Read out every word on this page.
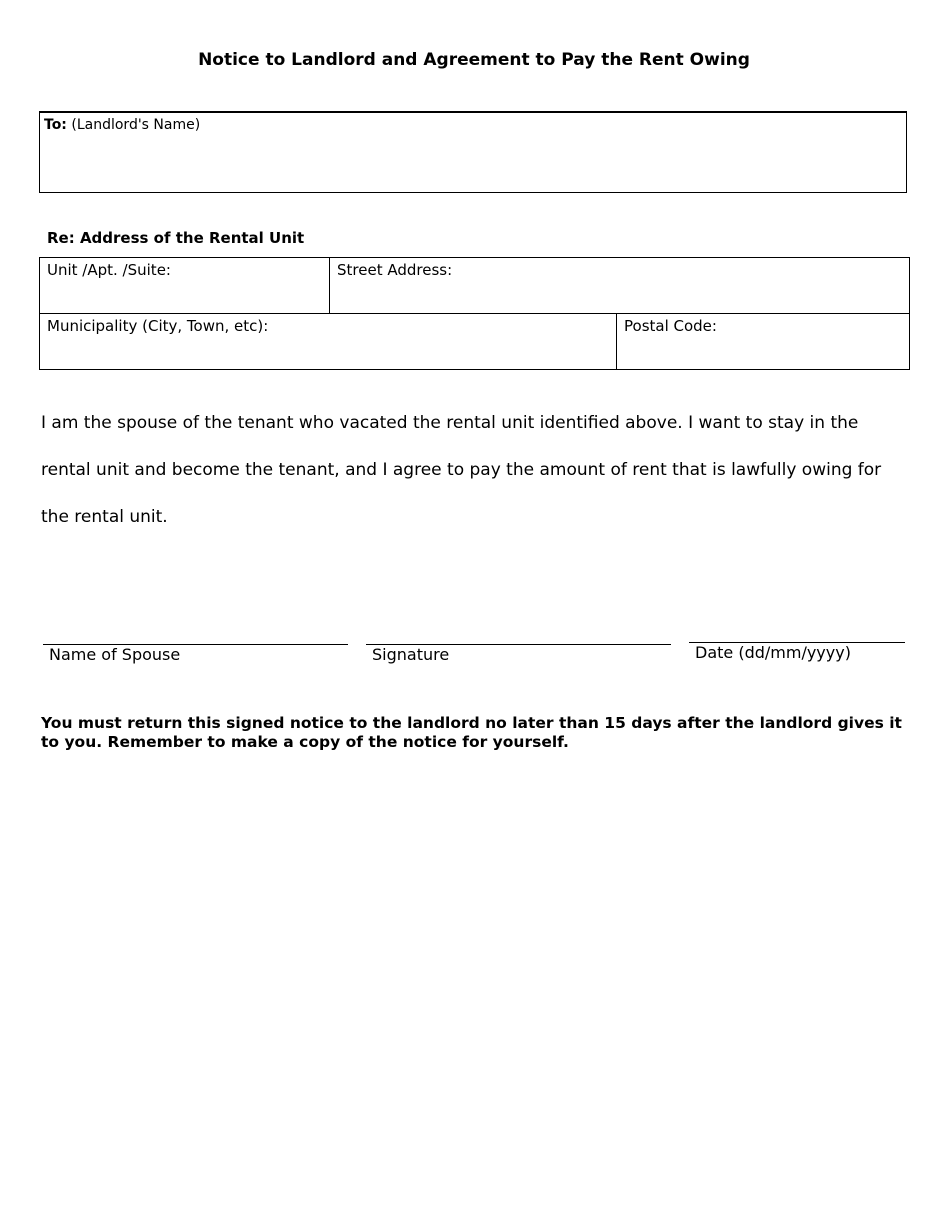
Notice to Landlord and Agreement to Pay the Rent Owing
To: (Landlord's Name)
Re: Address of the Rental Unit
Unit /Apt. /Suite:	Street Address:
Municipality (City, Town, etc):	Postal Code:
I am the spouse of the tenant who vacated the rental unit identified above. I want to stay in the rental unit and become the tenant, and I agree to pay the amount of rent that is lawfully owing for the rental unit.
Name of Spouse	Signature	Date (dd/mm/yyyy)
You must return this signed notice to the landlord no later than 15 days after the landlord gives it to you. Remember to make a copy of the notice for yourself.
